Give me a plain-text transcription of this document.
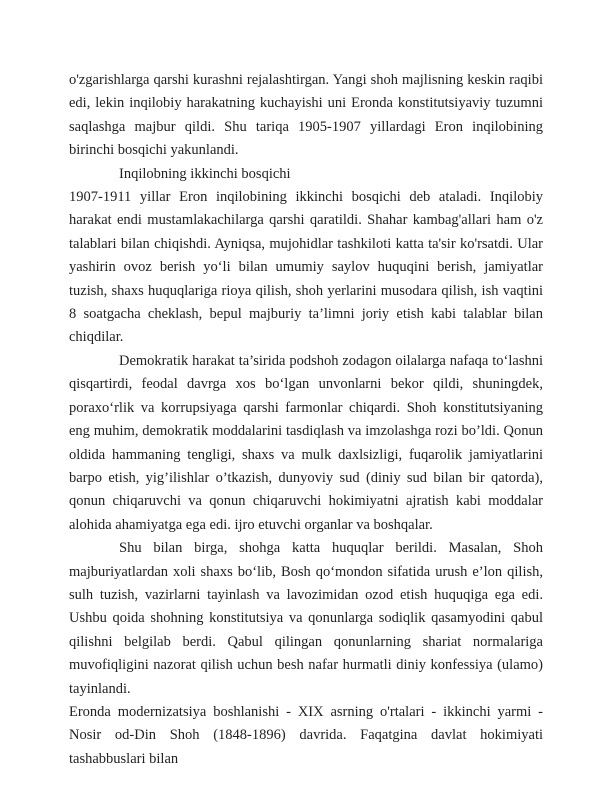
o'zgarishlarga qarshi kurashni rejalashtirgan. Yangi shoh majlisning keskin raqibi edi, lekin inqilobiy harakatning kuchayishi uni Eronda konstitutsiyaviy tuzumni saqlashga majbur qildi. Shu tariqa 1905-1907 yillardagi Eron inqilobining birinchi bosqichi yakunlandi.

Inqilobning ikkinchi bosqichi

1907-1911 yillar Eron inqilobining ikkinchi bosqichi deb ataladi. Inqilobiy harakat endi mustamlakachilarga qarshi qaratildi. Shahar kambag'allari ham o'z talablari bilan chiqishdi. Ayniqsa, mujohidlar tashkiloti katta ta'sir ko'rsatdi. Ular yashirin ovoz berish yo‘li bilan umumiy saylov huquqini berish, jamiyatlar tuzish, shaxs huquqlariga rioya qilish, shoh yerlarini musodara qilish, ish vaqtini 8 soatgacha cheklash, bepul majburiy ta’limni joriy etish kabi talablar bilan chiqdilar.

Demokratik harakat ta’sirida podshoh zodagon oilalarga nafaqa to‘lashni qisqartirdi, feodal davrga xos bo‘lgan unvonlarni bekor qildi, shuningdek, poraxo‘rlik va korrupsiyaga qarshi farmonlar chiqardi. Shoh konstitutsiyaning eng muhim, demokratik moddalarini tasdiqlash va imzolashga rozi bo’ldi. Qonun oldida hammaning tengligi, shaxs va mulk daxlsizligi, fuqarolik jamiyatlarini barpo etish, yig’ilishlar o’tkazish, dunyoviy sud (diniy sud bilan bir qatorda), qonun chiqaruvchi va qonun chiqaruvchi hokimiyatni ajratish kabi moddalar alohida ahamiyatga ega edi. ijro etuvchi organlar va boshqalar.

Shu bilan birga, shohga katta huquqlar berildi. Masalan, Shoh majburiyatlardan xoli shaxs bo‘lib, Bosh qo‘mondon sifatida urush e’lon qilish, sulh tuzish, vazirlarni tayinlash va lavozimidan ozod etish huquqiga ega edi. Ushbu qoida shohning konstitutsiya va qonunlarga sodiqlik qasamyodini qabul qilishni belgilab berdi. Qabul qilingan qonunlarning shariat normalariga muvofiqligini nazorat qilish uchun besh nafar hurmatli diniy konfessiya (ulamo) tayinlandi.

Eronda modernizatsiya boshlanishi - XIX asrning o'rtalari - ikkinchi yarmi - Nosir od-Din Shoh (1848-1896) davrida. Faqatgina davlat hokimiyati tashabbuslari bilan
